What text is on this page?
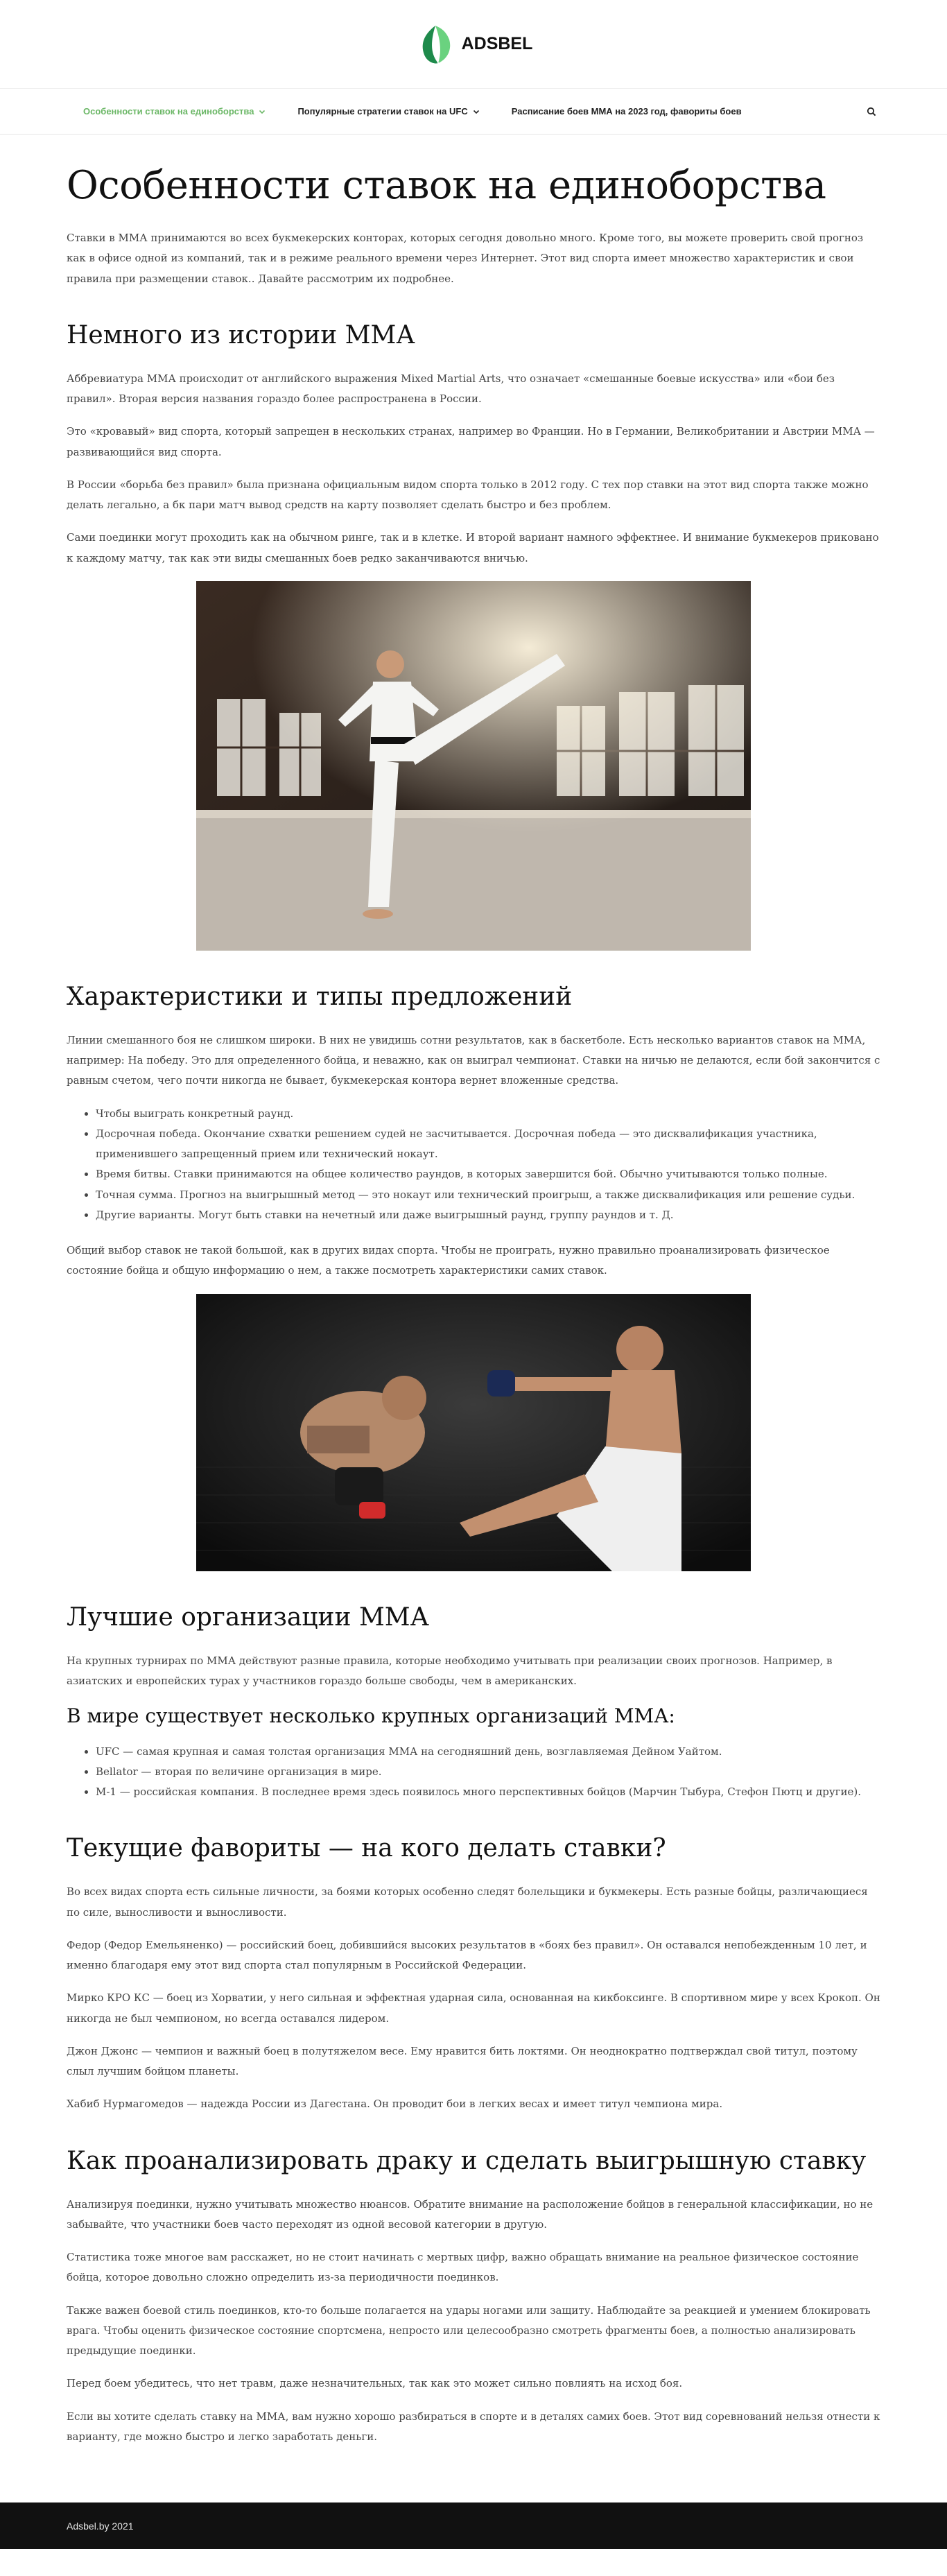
ADSBEL
Особенности ставок на единоборства	Популярные стратегии ставок на UFC	Расписание боев ММА на 2023 год, фавориты боев
Особенности ставок на единоборства

Ставки в ММА принимаются во всех букмекерских конторах, которых сегодня довольно много. Кроме того, вы можете проверить свой прогноз как в офисе одной из компаний, так и в режиме реального времени через Интернет. Этот вид спорта имеет множество характеристик и свои правила при размещении ставок.. Давайте рассмотрим их подробнее.

Немного из истории ММА

Аббревиатура ММА происходит от английского выражения Mixed Martial Arts, что означает «смешанные боевые искусства» или «бои без правил». Вторая версия названия гораздо более распространена в России.

Это «кровавый» вид спорта, который запрещен в нескольких странах, например во Франции. Но в Германии, Великобритании и Австрии ММА — развивающийся вид спорта.

В России «борьба без правил» была признана официальным видом спорта только в 2012 году. С тех пор ставки на этот вид спорта также можно делать легально, а бк пари матч вывод средств на карту позволяет сделать быстро и без проблем.

Сами поединки могут проходить как на обычном ринге, так и в клетке. И второй вариант намного эффектнее. И внимание букмекеров приковано к каждому матчу, так как эти виды смешанных боев редко заканчиваются вничью.

Характеристики и типы предложений

Линии смешанного боя не слишком широки. В них не увидишь сотни результатов, как в баскетболе. Есть несколько вариантов ставок на ММА, например: На победу. Это для определенного бойца, и неважно, как он выиграл чемпионат. Ставки на ничью не делаются, если бой закончится с равным счетом, чего почти никогда не бывает, букмекерская контора вернет вложенные средства.

• Чтобы выиграть конкретный раунд.
• Досрочная победа. Окончание схватки решением судей не засчитывается. Досрочная победа — это дисквалификация участника, применившего запрещенный прием или технический нокаут.
• Время битвы. Ставки принимаются на общее количество раундов, в которых завершится бой. Обычно учитываются только полные.
• Точная сумма. Прогноз на выигрышный метод — это нокаут или технический проигрыш, а также дисквалификация или решение судьи.
• Другие варианты. Могут быть ставки на нечетный или даже выигрышный раунд, группу раундов и т. Д.

Общий выбор ставок не такой большой, как в других видах спорта. Чтобы не проиграть, нужно правильно проанализировать физическое состояние бойца и общую информацию о нем, а также посмотреть характеристики самих ставок.

Лучшие организации ММА

На крупных турнирах по ММА действуют разные правила, которые необходимо учитывать при реализации своих прогнозов. Например, в азиатских и европейских турах у участников гораздо больше свободы, чем в американских.

В мире существует несколько крупных организаций ММА:
• UFC — самая крупная и самая толстая организация ММА на сегодняшний день, возглавляемая Дейном Уайтом.
• Bellator — вторая по величине организация в мире.
• M-1 — российская компания. В последнее время здесь появилось много перспективных бойцов (Марчин Тыбура, Стефон Пютц и другие).
Текущие фавориты — на кого делать ставки?

Во всех видах спорта есть сильные личности, за боями которых особенно следят болельщики и букмекеры. Есть разные бойцы, различающиеся по силе, выносливости и выносливости.

Федор (Федор Емельяненко) — российский боец, добившийся высоких результатов в «боях без правил». Он оставался непобежденным 10 лет, и именно благодаря ему этот вид спорта стал популярным в Российской Федерации.

Мирко КРО КС — боец из Хорватии, у него сильная и эффектная ударная сила, основанная на кикбоксинге. В спортивном мире у всех Крокоп. Он никогда не был чемпионом, но всегда оставался лидером.

Джон Джонс — чемпион и важный боец в полутяжелом весе. Ему нравится бить локтями. Он неоднократно подтверждал свой титул, поэтому слыл лучшим бойцом планеты.

Хабиб Нурмагомедов — надежда России из Дагестана. Он проводит бои в легких весах и имеет титул чемпиона мира.

Как проанализировать драку и сделать выигрышную ставку

Анализируя поединки, нужно учитывать множество нюансов. Обратите внимание на расположение бойцов в генеральной классификации, но не забывайте, что участники боев часто переходят из одной весовой категории в другую.

Статистика тоже многое вам расскажет, но не стоит начинать с мертвых цифр, важно обращать внимание на реальное физическое состояние бойца, которое довольно сложно определить из-за периодичности поединков.

Также важен боевой стиль поединков, кто-то больше полагается на удары ногами или защиту. Наблюдайте за реакцией и умением блокировать врага. Чтобы оценить физическое состояние спортсмена, непросто или целесообразно смотреть фрагменты боев, а полностью анализировать предыдущие поединки.

Перед боем убедитесь, что нет травм, даже незначительных, так как это может сильно повлиять на исход боя.

Если вы хотите сделать ставку на ММА, вам нужно хорошо разбираться в спорте и в деталях самих боев. Этот вид соревнований нельзя отнести к варианту, где можно быстро и легко заработать деньги.

Adsbel.by 2021
